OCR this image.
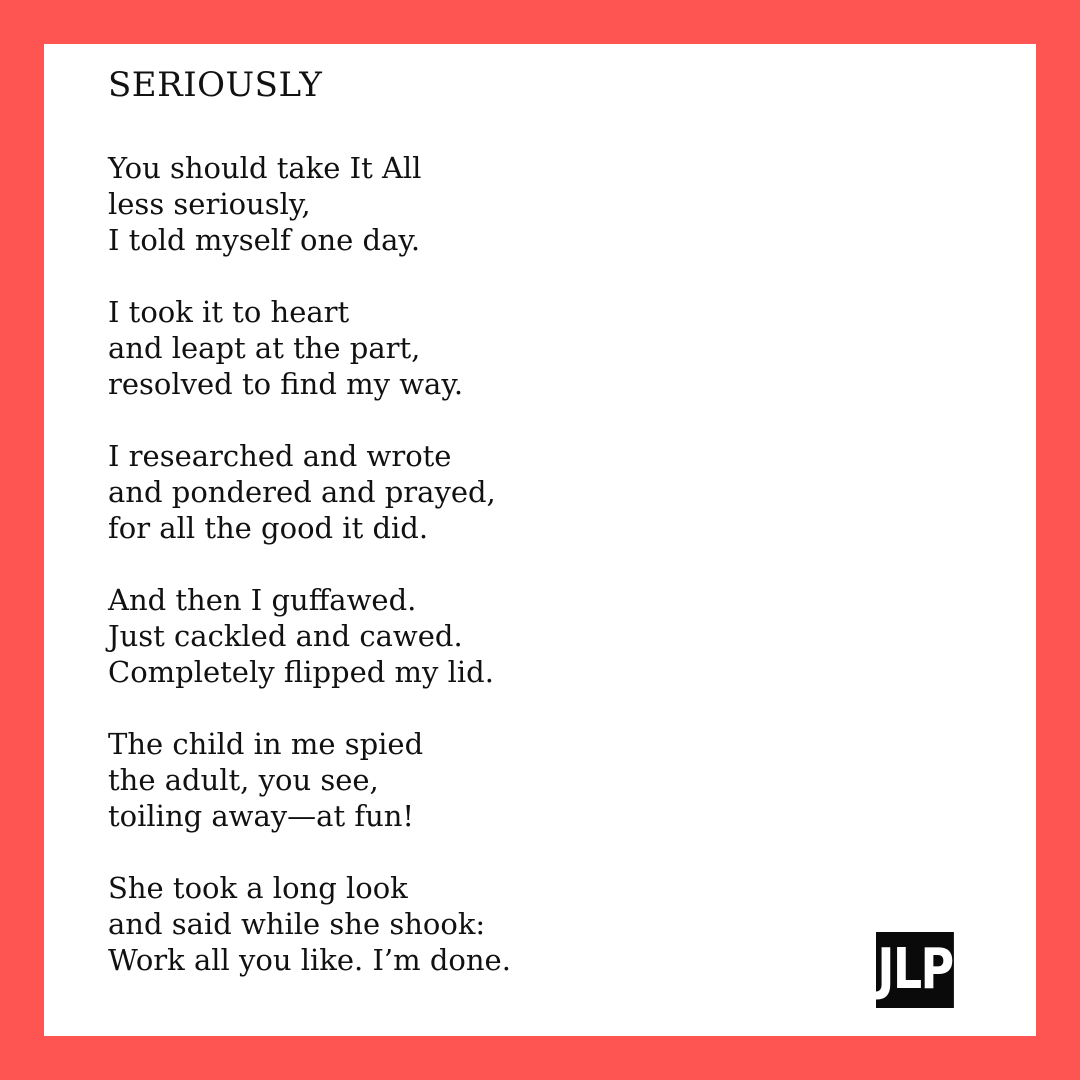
SERIOUSLY
You should take It All
less seriously,
I told myself one day.
I took it to heart
and leapt at the part,
resolved to find my way.
I researched and wrote
and pondered and prayed,
for all the good it did.
And then I guffawed.
Just cackled and cawed.
Completely flipped my lid.
The child in me spied
the adult, you see,
toiling away—at fun!
She took a long look
and said while she shook:
Work all you like. I’m done.	JLP
